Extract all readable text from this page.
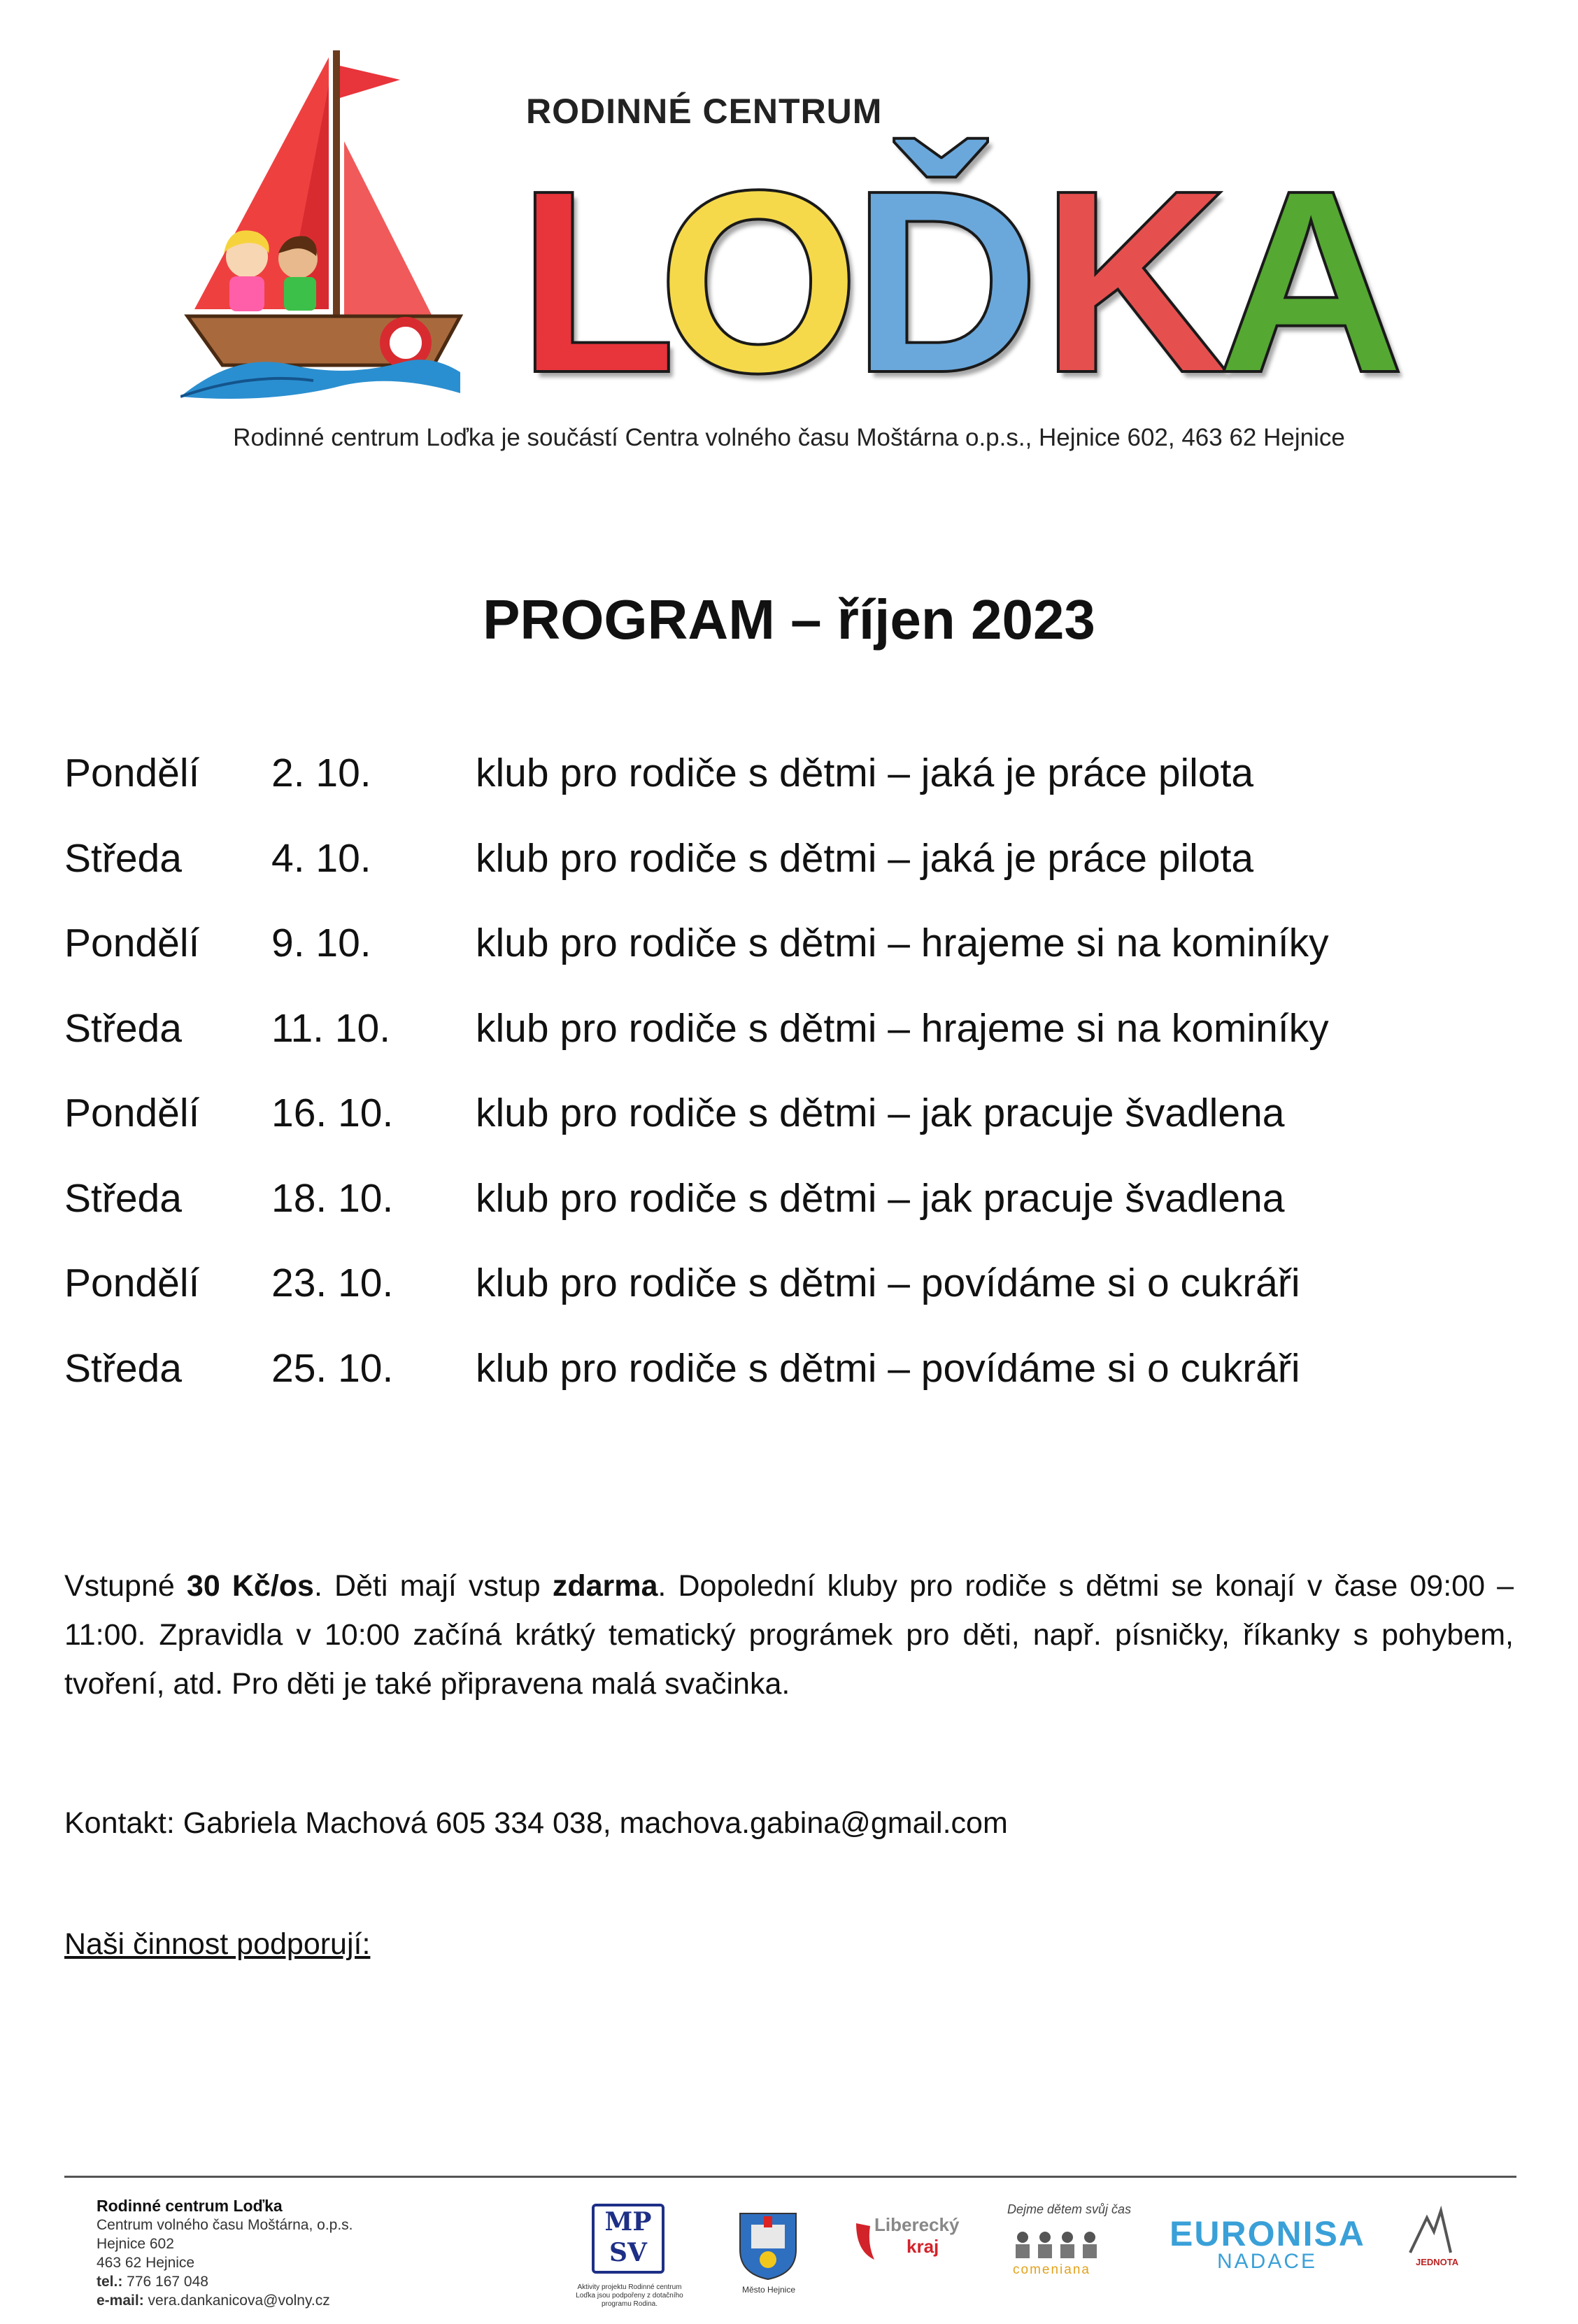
RODINNÉ CENTRUM
L
O
Ď K
A
Rodinné centrum Loďka je součástí Centra volného času Moštárna o.p.s., Hejnice 602, 463 62 Hejnice
PROGRAM – říjen 2023
Pondělí	2. 10.	klub pro rodiče s dětmi – jaká je práce pilota
Středa	4. 10.	klub pro rodiče s dětmi – jaká je práce pilota
Pondělí	9. 10.	klub pro rodiče s dětmi – hrajeme si na kominíky
Středa	11. 10.	klub pro rodiče s dětmi – hrajeme si na kominíky
Pondělí	16. 10.	klub pro rodiče s dětmi – jak pracuje švadlena
Středa	18. 10.	klub pro rodiče s dětmi – jak pracuje švadlena
Pondělí	23. 10.	klub pro rodiče s dětmi – povídáme si o cukráři
Středa	25. 10.	klub pro rodiče s dětmi – povídáme si o cukráři

Vstupné 30 Kč/os. Děti mají vstup zdarma. Dopolední kluby pro rodiče s dětmi se konají v čase 09:00 – 11:00. Zpravidla v 10:00 začíná krátký tematický prográmek pro děti, např. písničky, říkanky s pohybem, tvoření, atd. Pro děti je také připravena malá svačinka.

Kontakt: Gabriela Machová 605 334 038, machova.gabina@gmail.com

Naši činnost podporují:

Rodinné centrum Loďka
Centrum volného času Moštárna, o.p.s.
Hejnice 602
463 62 Hejnice
tel.: 776 167 048
e-mail: vera.dankanicova@volny.cz
MP
SV
Aktivity projektu Rodinné centrum Loďka jsou podpořeny z dotačního programu Rodina.
Město Hejnice
Liberecký
kraj
Dejme dětem svůj čas
comeniana
EURONISA
NADACE	JEDNOTA
